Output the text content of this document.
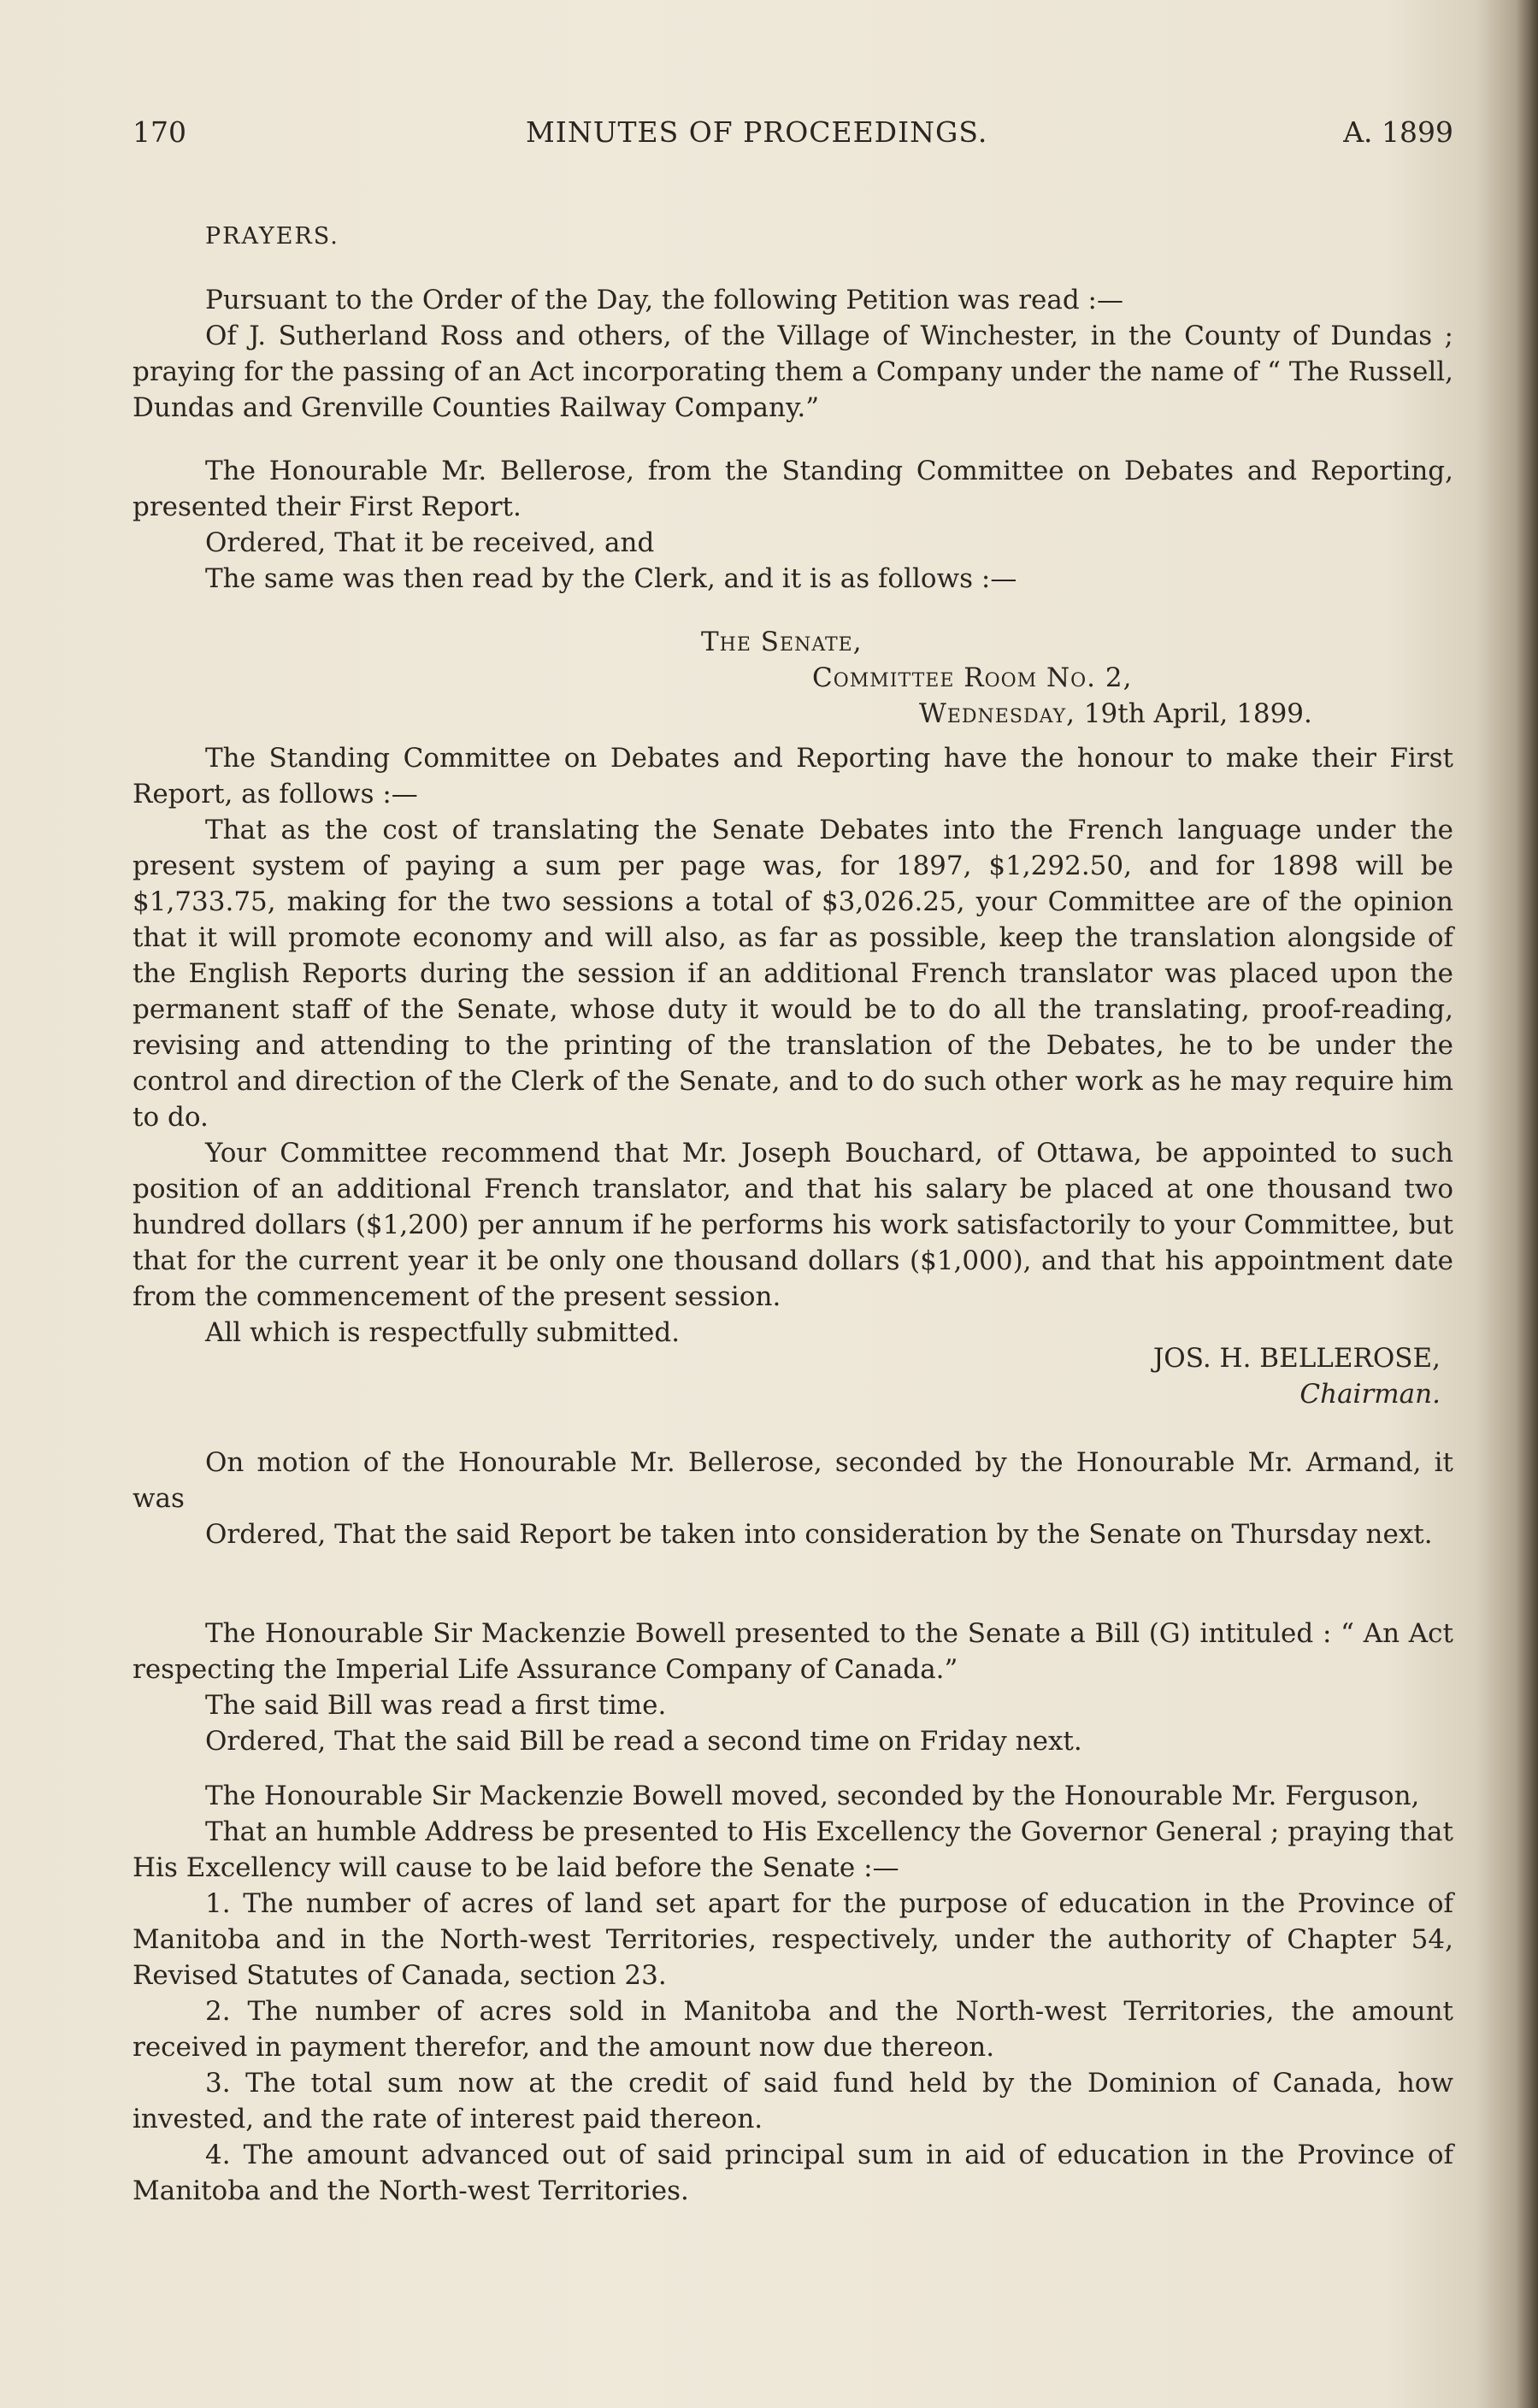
170	MINUTES OF PROCEEDINGS.	A. 1899
PRAYERS.

Pursuant to the Order of the Day, the following Petition was read :—

Of J. Sutherland Ross and others, of the Village of Winchester, in the County of Dundas ; praying for the passing of an Act incorporating them a Company under the name of “ The Russell, Dundas and Grenville Counties Railway Company.”

The Honourable Mr. Bellerose, from the Standing Committee on Debates and Reporting, presented their First Report.

Ordered, That it be received, and

The same was then read by the Clerk, and it is as follows :—

The Senate,
Committee Room No. 2,
Wednesday, 19th April, 1899.

The Standing Committee on Debates and Reporting have the honour to make their First Report, as follows :—

That as the cost of translating the Senate Debates into the French language under the present system of paying a sum per page was, for 1897, $1,292.50, and for 1898 will be $1,733.75, making for the two sessions a total of $3,026.25, your Committee are of the opinion that it will promote economy and will also, as far as possible, keep the translation alongside of the English Reports during the session if an additional French translator was placed upon the permanent staff of the Senate, whose duty it would be to do all the translating, proof-reading, revising and attending to the printing of the translation of the Debates, he to be under the control and direction of the Clerk of the Senate, and to do such other work as he may require him to do.

Your Committee recommend that Mr. Joseph Bouchard, of Ottawa, be appointed to such position of an additional French translator, and that his salary be placed at one thousand two hundred dollars ($1,200) per annum if he performs his work satisfactorily to your Committee, but that for the current year it be only one thousand dollars ($1,000), and that his appointment date from the commencement of the present session.

All which is respectfully submitted.

JOS. H. BELLEROSE,
Chairman.

On motion of the Honourable Mr. Bellerose, seconded by the Honourable Mr. Armand, it was

Ordered, That the said Report be taken into consideration by the Senate on Thursday next.

The Honourable Sir Mackenzie Bowell presented to the Senate a Bill (G) intituled : “ An Act respecting the Imperial Life Assurance Company of Canada.”

The said Bill was read a first time.

Ordered, That the said Bill be read a second time on Friday next.

The Honourable Sir Mackenzie Bowell moved, seconded by the Honourable Mr. Ferguson,

That an humble Address be presented to His Excellency the Governor General ; praying that His Excellency will cause to be laid before the Senate :—

1. The number of acres of land set apart for the purpose of education in the Province of Manitoba and in the North-west Territories, respectively, under the authority of Chapter 54, Revised Statutes of Canada, section 23.

2. The number of acres sold in Manitoba and the North-west Territories, the amount received in payment therefor, and the amount now due thereon.

3. The total sum now at the credit of said fund held by the Dominion of Canada, how invested, and the rate of interest paid thereon.

4. The amount advanced out of said principal sum in aid of education in the Province of Manitoba and the North-west Territories.
